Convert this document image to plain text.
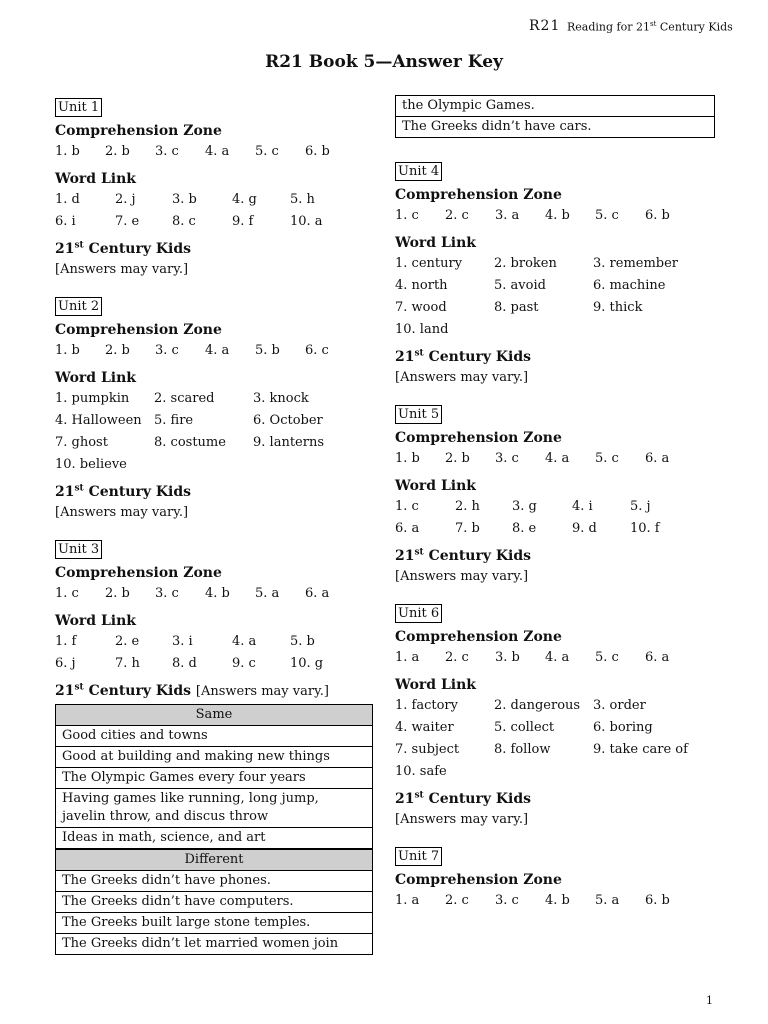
R21 Reading for 21st Century Kids
R21 Book 5—Answer Key
Unit 1
Comprehension Zone
1. b	2. b	3. c	4. a	5. c	6. b
Word Link
1. d	2. j	3. b	4. g	5. h
6. i	7. e	8. c	9. f	10. a
21st Century Kids
[Answers may vary.]
Unit 2
Comprehension Zone
1. b	2. b	3. c	4. a	5. b	6. c
Word Link
1. pumpkin	2. scared	3. knock
4. Halloween 5. fire	6. October
7. ghost	8. costume	9. lanterns
10. believe
21st Century Kids
[Answers may vary.]
Unit 3
Comprehension Zone
1. c	2. b	3. c	4. b	5. a	6. a
Word Link
1. f	2. e	3. i	4. a	5. b
6. j	7. h	8. d	9. c	10. g
21st Century Kids [Answers may vary.]
Same
Good cities and towns
Good at building and making new things
The Olympic Games every four years
Having games like running, long jump, javelin throw, and discus throw
Ideas in math, science, and art
Different
The Greeks didn’t have phones.
The Greeks didn’t have computers.
The Greeks built large stone temples.
The Greeks didn’t let married women join
the Olympic Games.
The Greeks didn’t have cars.
Unit 4
Comprehension Zone
1. c	2. c	3. a	4. b	5. c	6. b
Word Link
1. century	2. broken	3. remember
4. north	5. avoid	6. machine
7. wood	8. past	9. thick
10. land
21st Century Kids
[Answers may vary.]
Unit 5
Comprehension Zone
1. b	2. b	3. c	4. a	5. c	6. a
Word Link
1. c	2. h	3. g	4. i	5. j
6. a	7. b	8. e	9. d	10. f
21st Century Kids
[Answers may vary.]
Unit 6
Comprehension Zone
1. a	2. c	3. b	4. a	5. c	6. a
Word Link
1. factory	2. dangerous 3. order
4. waiter	5. collect	6. boring
7. subject	8. follow	9. take care of
10. safe
21st Century Kids
[Answers may vary.]
Unit 7
Comprehension Zone
1. a	2. c	3. c	4. b	5. a	6. b
1
